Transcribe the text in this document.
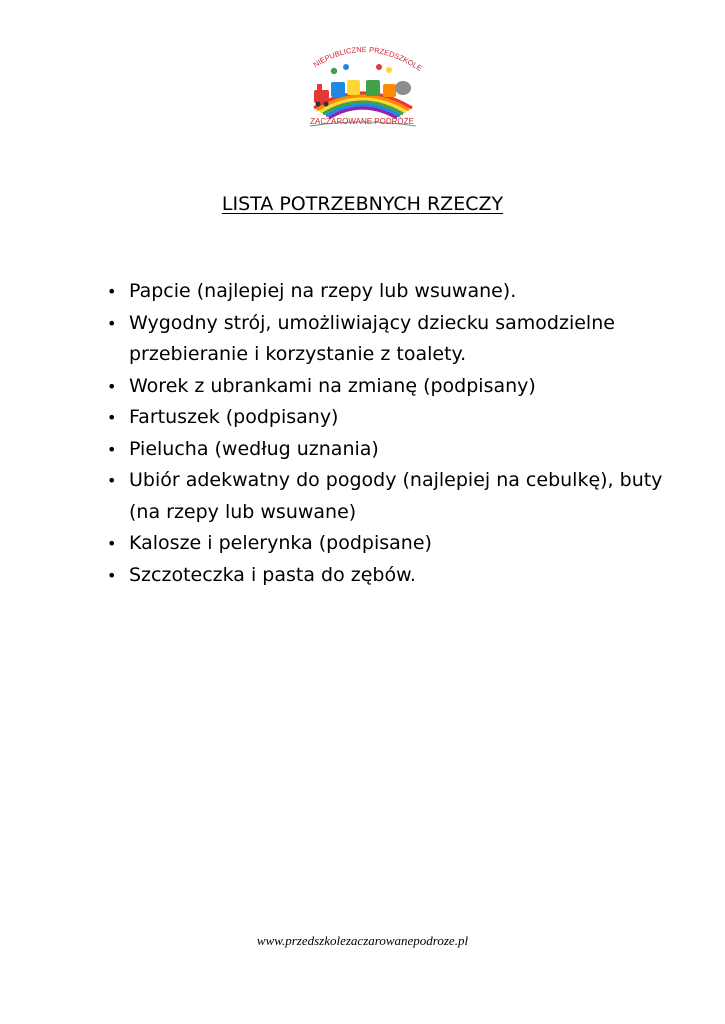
NIEPUBLICZNE PRZEDSZKOLE
ZACZAROWANE PODRÓŻE
LISTA POTRZEBNYCH RZECZY
• Papcie (najlepiej na rzepy lub wsuwane).
• Wygodny strój, umożliwiający dziecku samodzielne przebieranie i korzystanie z toalety.
• Worek z ubrankami na zmianę (podpisany)
• Fartuszek (podpisany)
• Pielucha (według uznania)
• Ubiór adekwatny do pogody (najlepiej na cebulkę), buty (na rzepy lub wsuwane)
• Kalosze i pelerynka (podpisane)
• Szczoteczka i pasta do zębów.
www.przedszkolezaczarowanepodroze.pl
